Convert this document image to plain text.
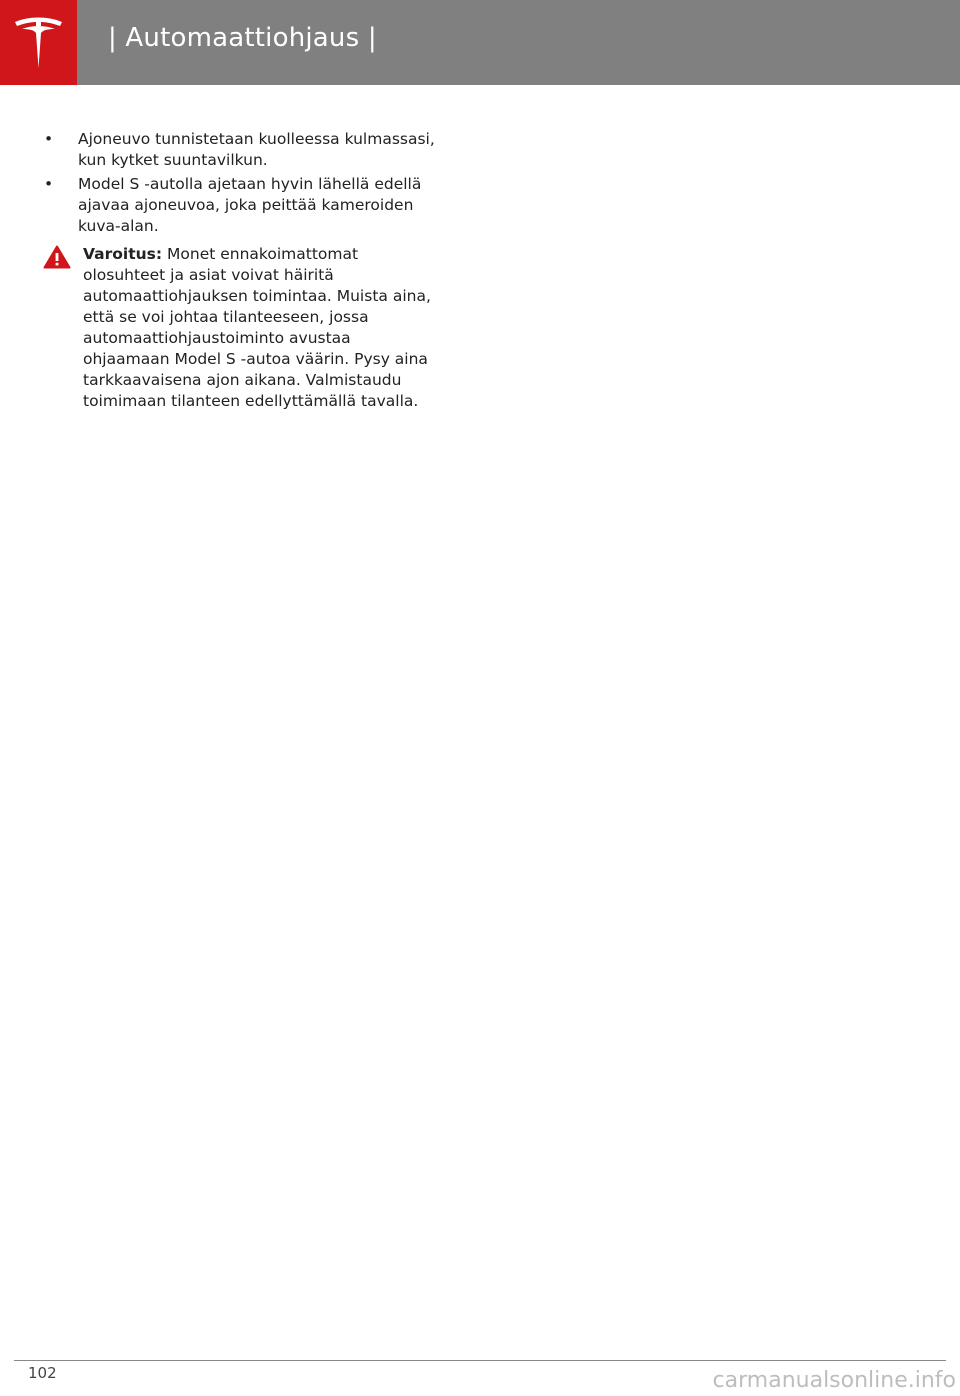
| Automaattiohjaus |
• Ajoneuvo tunnistetaan kuolleessa kulmassasi, kun kytket suuntavilkun.
• Model S -autolla ajetaan hyvin lähellä edellä ajavaa ajoneuvoa, joka peittää kameroiden kuva-alan.
Varoitus: Monet ennakoimattomat olosuhteet ja asiat voivat häiritä automaattiohjauksen toimintaa. Muista aina, että se voi johtaa tilanteeseen, jossa automaattiohjaustoiminto avustaa ohjaamaan Model S -autoa väärin. Pysy aina tarkkaavaisena ajon aikana. Valmistaudu toimimaan tilanteen edellyttämällä tavalla.
102	carmanualsonline.info
